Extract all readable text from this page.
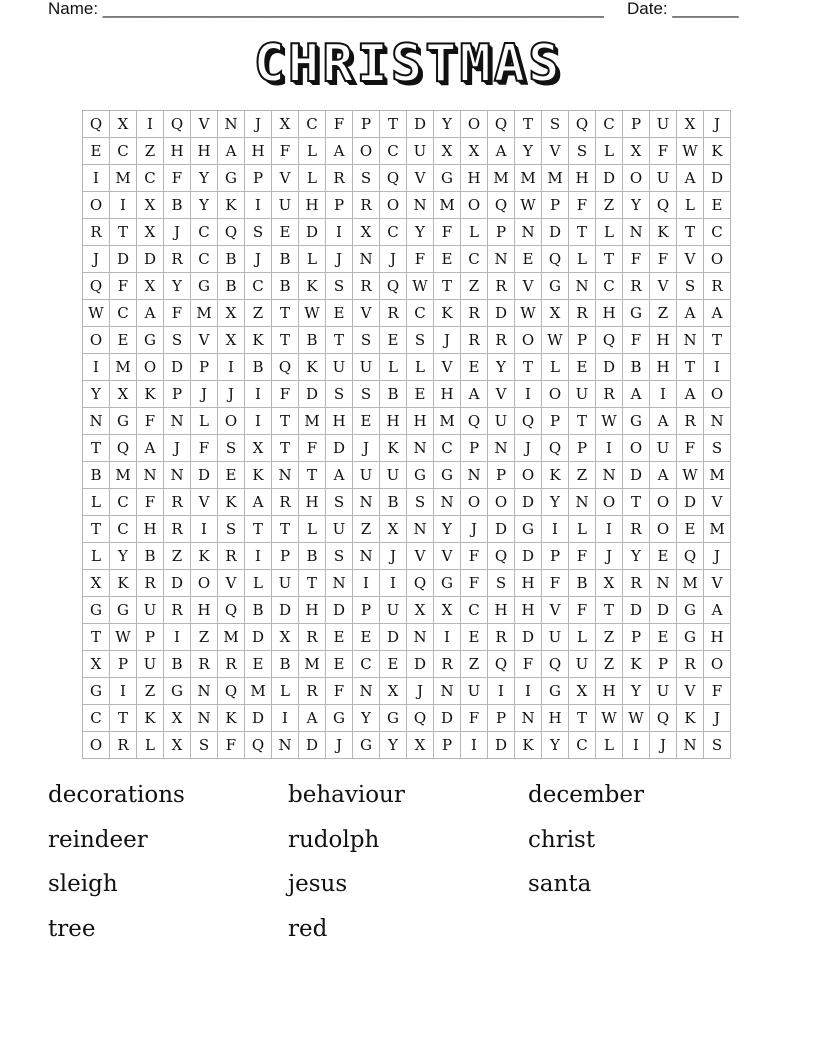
Name: _____________________________________________________ Date: _______
CHRISTMAS
Q	X	I	Q	V	N	J	X	C	F	P	T	D	Y	O Q	T	S	Q	C	P	U	X	J
E	C	Z	H H	A	H	F	L	A	O	C U	X	X	A	Y	V	S	L	X	F W K
I	M C	F	Y	G	P	V	L	R	S	Q	V	G H M M M H D O U	A	D
O	I	X	B	Y	K	I	U H	P	R	O N M O Q W P	F	Z	Y	Q	L	E
R	T	X	J	C	Q	S	E	D	I	X	C	Y	F	L	P	N D	T	L	N K	T	C
J	D D	R	C	B	J	B	L	J	N	J	F	E	C N E	Q	L	T	F	F	V	O
Q	F	X	Y	G	B	C	B	K	S	R	Q W T	Z	R	V	G N C	R	V	S	R
W C	A	F M X	Z	T W E	V	R	C	K	R	D W X	R H G	Z	A	A
O	E	G	S	V	X	K	T	B	T	S	E	S	J	R	R	O W P	Q	F	H N	T
I	M O D	P	I	B	Q	K	U U	L	L	V	E	Y	T	L	E	D	B H	T	I
Y	X	K	P	J	J	I	F	D	S	S	B	E H	A	V	I	O U	R	A	I	A	O
N G	F	N	L	O	I	T M H E H H M Q U Q	P	T W G	A	R N
T	Q	A	J	F	S	X	T	F	D	J	K N C	P	N	J	Q	P	I	O U	F	S
B M N N D	E	K N	T	A	U U G	G N	P	O	K	Z	N D	A W M
L	C	F	R	V	K	A	R H	S	N B	S	N O O D	Y	N O	T	O D	V
T	C H R	I	S	T	T	L	U	Z	X	N	Y	J	D G	I	L	I	R	O	E M
L	Y	B	Z	K	R	I	P	B	S	N	J	V	V	F	Q D	P	F	J	Y	E	Q	J
X	K	R	D O	V	L	U	T	N	I	I	Q G	F	S	H	F	B	X	R N M V
G	G U	R H Q	B	D H D	P	U	X	X	C H H	V	F	T	D D G	A
T W P	I	Z M D	X	R	E	E	D N	I	E	R	D U	L	Z	P	E	G H
X	P	U	B	R	R	E	B M E	C	E	D	R	Z	Q	F	Q U	Z	K	P	R	O
G	I	Z	G N Q M L	R	F	N	X	J	N U	I	I	G	X	H	Y	U	V	F
C	T	K	X	N K	D	I	A	G	Y	G Q D	F	P	N H	T W W Q	K	J
O	R	L	X	S	F	Q N D	J	G	Y	X	P	I	D	K	Y	C	L	I	J	N	S
decorations	behaviour	december
reindeer	rudolph	christ
sleigh	jesus	santa
tree	red
